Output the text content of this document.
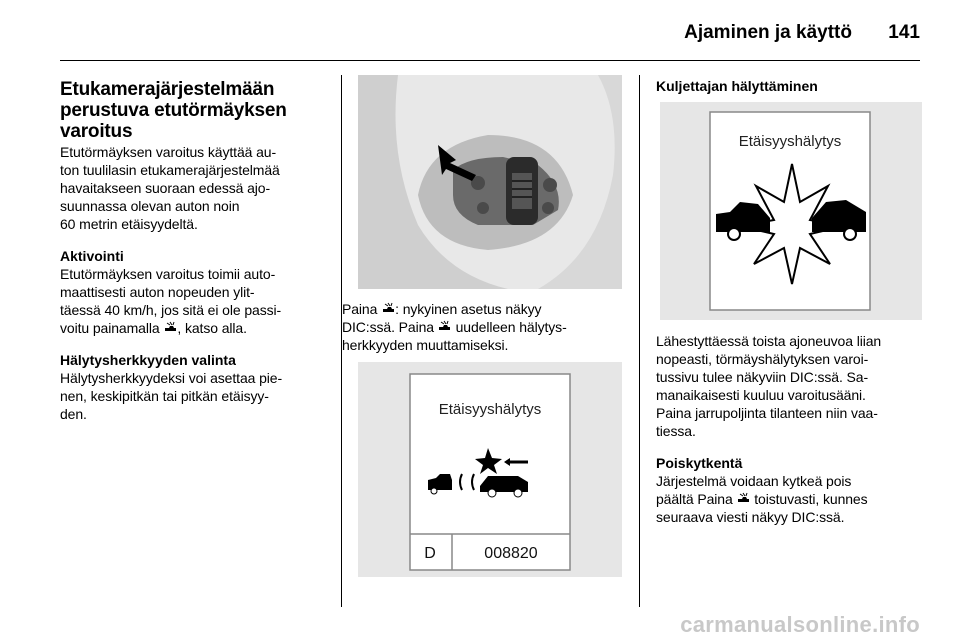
Ajaminen ja käyttö 141
Etukamerajärjestelmään
perustuva etutörmäyksen
varoitus

Etutörmäyksen varoitus käyttää au-
ton tuulilasin etukamerajärjestelmää
havaitakseen suoraan edessä ajo-
suunnassa olevan auton noin
60 metrin etäisyydeltä.

Aktivointi

Etutörmäyksen varoitus toimii auto-
maattisesti auton nopeuden ylit-
täessä 40 km/h, jos sitä ei ole passi-
voitu painamalla , katso alla.

Hälytysherkkyyden valinta

Hälytysherkkyydeksi voi asettaa pie-
nen, keskipitkän tai pitkän etäisyy-
den.

Paina : nykyinen asetus näkyy
DIC:ssä. Paina uudelleen hälytys-
herkkyyden muuttamiseksi.

Etäisyyshälytys
D	008820
Kuljettajan hälyttäminen
Etäisyyshälytys

Lähestyttäessä toista ajoneuvoa liian
nopeasti, törmäyshälytyksen varoi-
tussivu tulee näkyviin DIC:ssä. Sa-
manaikaisesti kuuluu varoitusääni.
Paina jarrupoljinta tilanteen niin vaa-
tiessa.

Poiskytkentä

Järjestelmä voidaan kytkeä pois
päältä Paina toistuvasti, kunnes
seuraava viesti näkyy DIC:ssä.

carmanualsonline.info
